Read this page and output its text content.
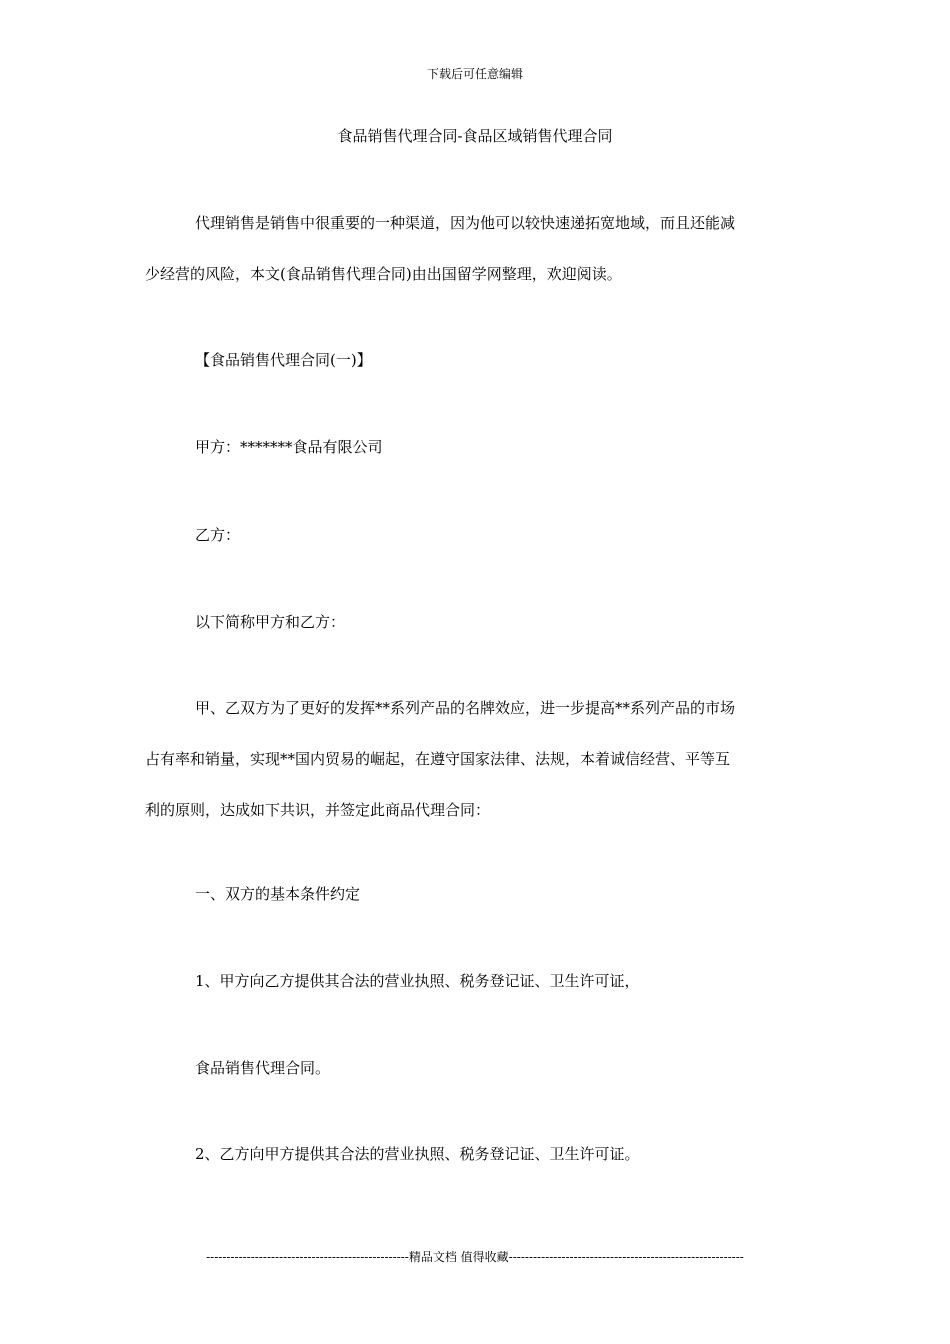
下载后可任意编辑
食品销售代理合同-食品区域销售代理合同
代理销售是销售中很重要的一种渠道，因为他可以较快速递拓宽地域，而且还能减
少经营的风险，本文(食品销售代理合同)由出国留学网整理，欢迎阅读。
【食品销售代理合同(一)】
甲方：*******食品有限公司
乙方：
以下简称甲方和乙方：
甲、乙双方为了更好的发挥**系列产品的名牌效应，进一步提高**系列产品的市场
占有率和销量，实现**国内贸易的崛起，在遵守国家法律、法规，本着诚信经营、平等互
利的原则，达成如下共识，并签定此商品代理合同：
一、双方的基本条件约定
1、甲方向乙方提供其合法的营业执照、税务登记证、卫生许可证，
食品销售代理合同。
2、乙方向甲方提供其合法的营业执照、税务登记证、卫生许可证。
--------------------------------------------------精品文档 值得收藏----------------------------------------------------------
